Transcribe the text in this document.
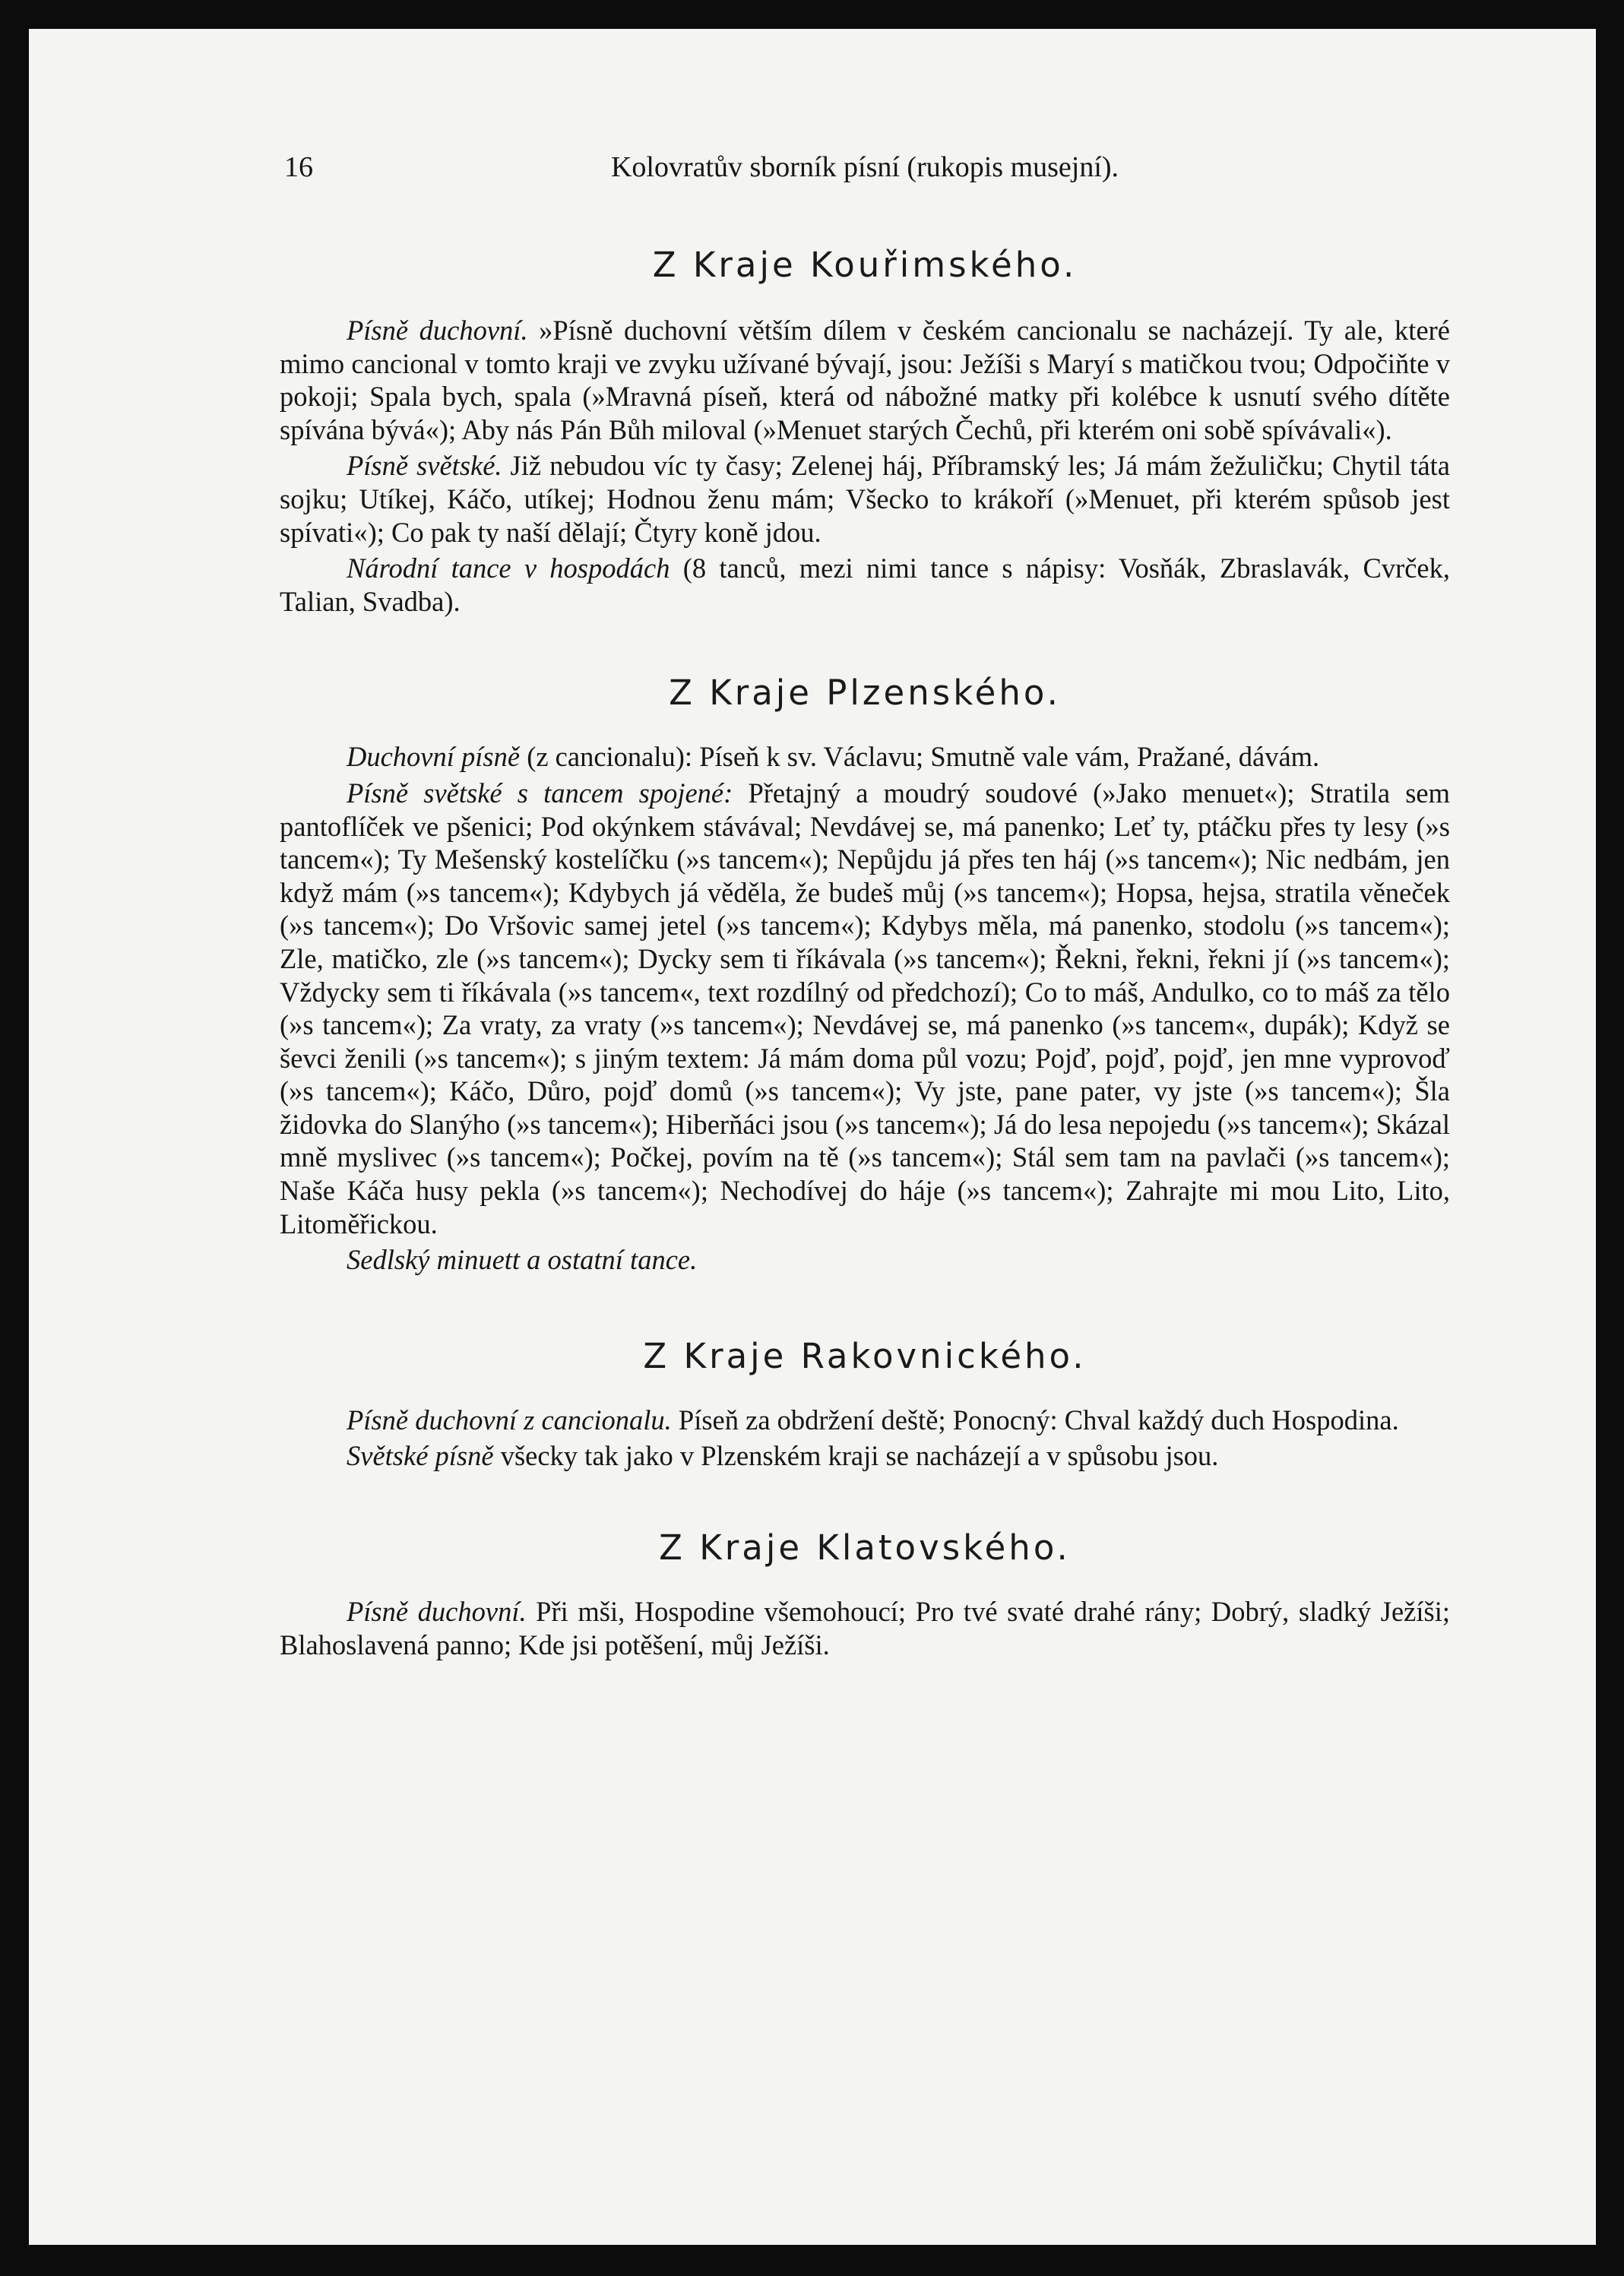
16	Kolovratův sborník písní (rukopis musejní).
Z Kraje Kouřimského.

Písně duchovní. »Písně duchovní větším dílem v českém cancionalu se nacházejí. Ty ale, které mimo cancional v tomto kraji ve zvyku užívané bývají, jsou: Ježíši s Maryí s matičkou tvou; Odpočiňte v pokoji; Spala bych, spala (»Mravná píseň, která od nábožné matky při kolébce k usnutí svého dítěte spívána bývá«); Aby nás Pán Bůh miloval (»Menuet starých Čechů, při kterém oni sobě spívávali«).

Písně světské. Již nebudou víc ty časy; Zelenej háj, Příbramský les; Já mám žežuličku; Chytil táta sojku; Utíkej, Káčo, utíkej; Hodnou ženu mám; Všecko to krákoří (»Menuet, při kterém spůsob jest spívati«); Co pak ty naší dělají; Čtyry koně jdou.

Národní tance v hospodách (8 tanců, mezi nimi tance s nápisy: Vosňák, Zbraslavák, Cvrček, Talian, Svadba).

Z Kraje Plzenského.

Duchovní písně (z cancionalu): Píseň k sv. Václavu; Smutně vale vám, Pražané, dávám.

Písně světské s tancem spojené: Přetajný a moudrý soudové (»Jako menuet«); Stratila sem pantoflíček ve pšenici; Pod okýnkem stávával; Nevdávej se, má panenko; Leť ty, ptáčku přes ty lesy (»s tancem«); Ty Mešenský kostelíčku (»s tancem«); Nepůjdu já přes ten háj (»s tancem«); Nic nedbám, jen když mám (»s tancem«); Kdybych já věděla, že budeš můj (»s tancem«); Hopsa, hejsa, stratila věneček (»s tancem«); Do Vršovic samej jetel (»s tancem«); Kdybys měla, má panenko, stodolu (»s tancem«); Zle, matičko, zle (»s tancem«); Dycky sem ti říkávala (»s tancem«); Řekni, řekni, řekni jí (»s tancem«); Vždycky sem ti říkávala (»s tancem«, text rozdílný od předchozí); Co to máš, Andulko, co to máš za tělo (»s tancem«); Za vraty, za vraty (»s tancem«); Nevdávej se, má panenko (»s tancem«, dupák); Když se ševci ženili (»s tancem«); s jiným textem: Já mám doma půl vozu; Pojď, pojď, pojď, jen mne vyprovoď (»s tancem«); Káčo, Důro, pojď domů (»s tancem«); Vy jste, pane pater, vy jste (»s tancem«); Šla židovka do Slanýho (»s tancem«); Hiberňáci jsou (»s tancem«); Já do lesa nepojedu (»s tancem«); Skázal mně myslivec (»s tancem«); Počkej, povím na tě (»s tancem«); Stál sem tam na pavlači (»s tancem«); Naše Káča husy pekla (»s tancem«); Nechodívej do háje (»s tancem«); Zahrajte mi mou Lito, Lito, Litoměřickou.

Sedlský minuett a ostatní tance.

Z Kraje Rakovnického.

Písně duchovní z cancionalu. Píseň za obdržení deště; Ponocný: Chval každý duch Hospodina.

Světské písně všecky tak jako v Plzenském kraji se nacházejí a v spůsobu jsou.

Z Kraje Klatovského.

Písně duchovní. Při mši, Hospodine všemohoucí; Pro tvé svaté drahé rány; Dobrý, sladký Ježíši; Blahoslavená panno; Kde jsi potěšení, můj Ježíši.
